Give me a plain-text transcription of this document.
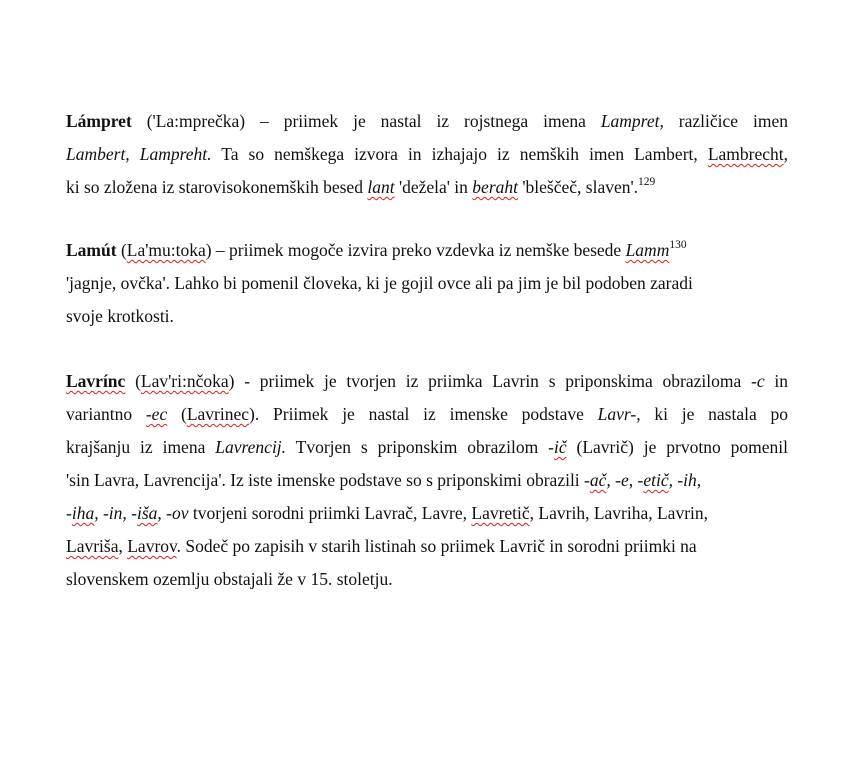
Lámpret ('La:mprečka) – priimek je nastal iz rojstnega imena Lampret, različice imen
Lambert, Lampreht. Ta so nemškega izvora in izhajajo iz nemških imen Lambert, Lambrecht,
ki so zložena iz starovisokonemških besed lant 'dežela' in beraht 'bleščeč, slaven'.$^{129}$
Lamút (La'mu:toka) – priimek mogoče izvira preko vzdevka iz nemške besede Lamm$^{130}$
'jagnje, ovčka'. Lahko bi pomenil človeka, ki je gojil ovce ali pa jim je bil podoben zaradi
svoje krotkosti.
Lavrínc (Lav'ri:nčoka) - priimek je tvorjen iz priimka Lavrin s priponskima obraziloma -c in
variantno -ec (Lavrinec). Priimek je nastal iz imenske podstave Lavr-, ki je nastala po
krajšanju iz imena Lavrencij. Tvorjen s priponskim obrazilom -ič (Lavrič) je prvotno pomenil
'sin Lavra, Lavrencija'. Iz iste imenske podstave so s priponskimi obrazili -ač, -e, -etič, -ih,
-iha, -in, -iša, -ov tvorjeni sorodni priimki Lavrač, Lavre, Lavretič, Lavrih, Lavriha, Lavrin,
Lavriša, Lavrov. Sodeč po zapisih v starih listinah so priimek Lavrič in sorodni priimki na
slovenskem ozemlju obstajali že v 15. stoletju.
